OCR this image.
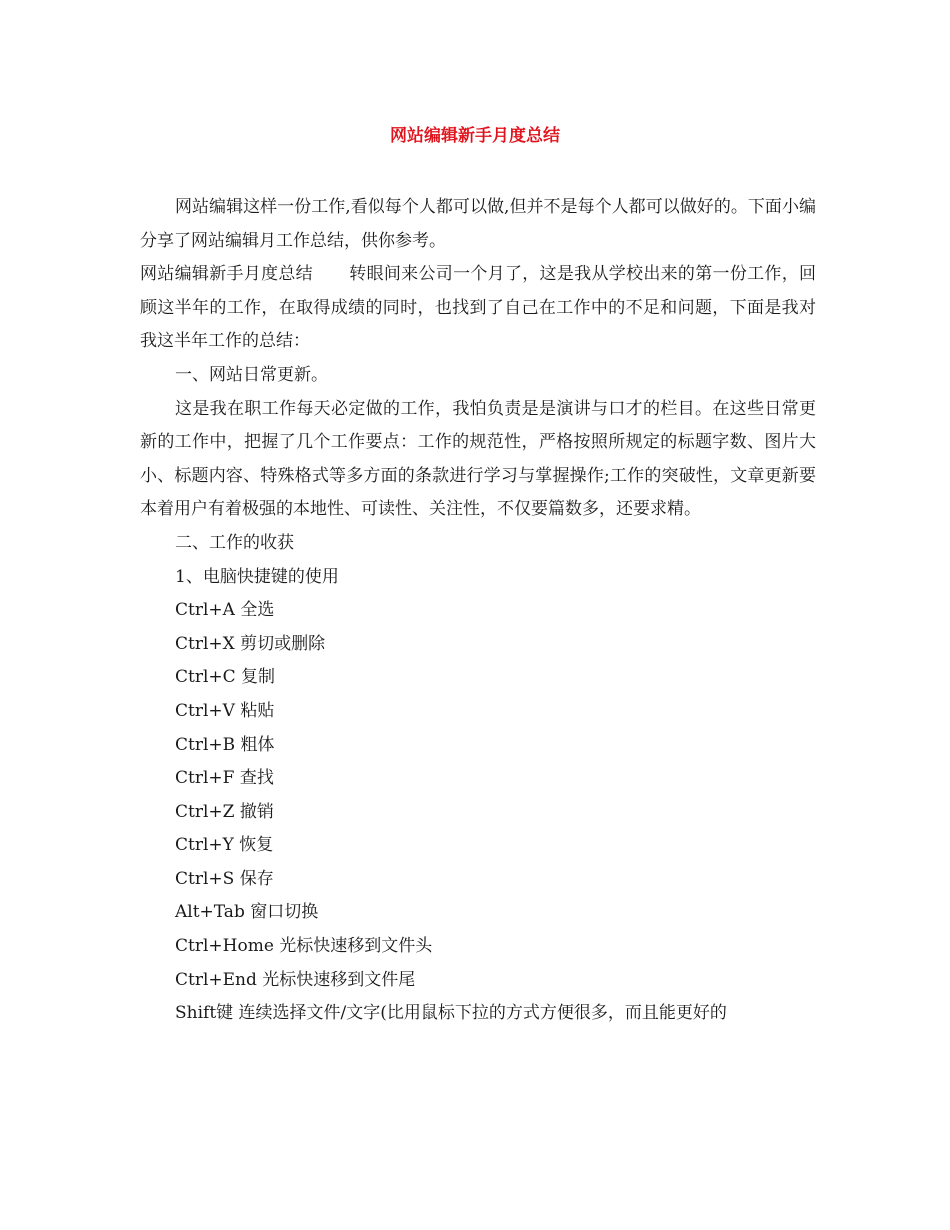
网站编辑新手月度总结

网站编辑这样一份工作,看似每个人都可以做,但并不是每个人都可以做好的。下面小编分享了网站编辑月工作总结，供你参考。

网站编辑新手月度总结 转眼间来公司一个月了，这是我从学校出来的第一份工作，回顾这半年的工作，在取得成绩的同时，也找到了自己在工作中的不足和问题，下面是我对我这半年工作的总结：

一、网站日常更新。

这是我在职工作每天必定做的工作，我怕负责是是演讲与口才的栏目。在这些日常更新的工作中，把握了几个工作要点：工作的规范性，严格按照所规定的标题字数、图片大小、标题内容、特殊格式等多方面的条款进行学习与掌握操作;工作的突破性，文章更新要本着用户有着极强的本地性、可读性、关注性，不仅要篇数多，还要求精。

二、工作的收获

1、电脑快捷键的使用

Ctrl+A 全选

Ctrl+X 剪切或删除

Ctrl+C 复制

Ctrl+V 粘贴

Ctrl+B 粗体

Ctrl+F 查找

Ctrl+Z 撤销

Ctrl+Y 恢复

Ctrl+S 保存

Alt+Tab 窗口切换

Ctrl+Home 光标快速移到文件头

Ctrl+End 光标快速移到文件尾

Shift键 连续选择文件/文字(比用鼠标下拉的方式方便很多，而且能更好的
